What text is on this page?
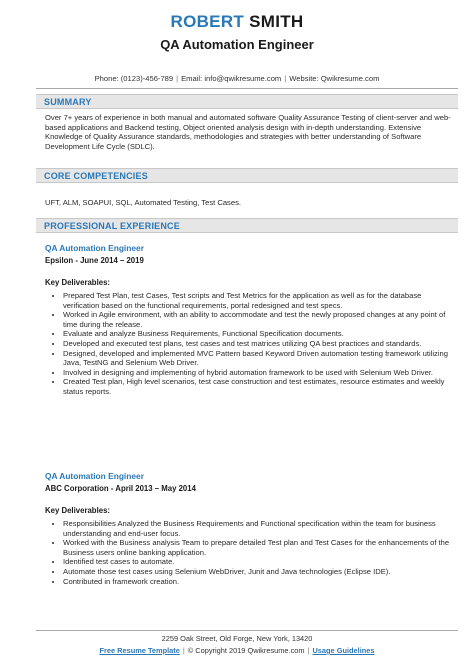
ROBERT SMITH
QA Automation Engineer
Phone: (0123)-456-789 | Email: info@qwikresume.com | Website: Qwikresume.com
SUMMARY
Over 7+ years of experience in both manual and automated software Quality Assurance Testing of client-server and web-based applications and Backend testing, Object oriented analysis design with in-depth understanding. Extensive Knowledge of Quality Assurance standards, methodologies and strategies with better understanding of Software Development Life Cycle (SDLC).
CORE COMPETENCIES
UFT, ALM, SOAPUI, SQL, Automated Testing, Test Cases.
PROFESSIONAL EXPERIENCE
QA Automation Engineer
Epsilon - June 2014 – 2019
Key Deliverables:
• Prepared Test Plan, test Cases, Test scripts and Test Metrics for the application as well as for the database verification based on the functional requirements, portal redesigned and test specs.
• Worked in Agile environment, with an ability to accommodate and test the newly proposed changes at any point of time during the release.
• Evaluate and analyze Business Requirements, Functional Specification documents.
• Developed and executed test plans, test cases and test matrices utilizing QA best practices and standards.
• Designed, developed and implemented MVC Pattern based Keyword Driven automation testing framework utilizing Java, TestNG and Selenium Web Driver.
• Involved in designing and implementing of hybrid automation framework to be used with Selenium Web Driver.
• Created Test plan, High level scenarios, test case construction and test estimates, resource estimates and weekly status reports.
QA Automation Engineer
ABC Corporation - April 2013 – May 2014
Key Deliverables:
• Responsibilities Analyzed the Business Requirements and Functional specification within the team for business understanding and end-user focus.
• Worked with the Business analysis Team to prepare detailed Test plan and Test Cases for the enhancements of the Business users online banking application.
• Identified test cases to automate.
• Automate those test cases using Selenium WebDriver, Junit and Java technologies (Eclipse IDE).
• Contributed in framework creation.
2259 Oak Street, Old Forge, New York, 13420
Free Resume Template | © Copyright 2019 Qwikresume.com | Usage Guidelines
